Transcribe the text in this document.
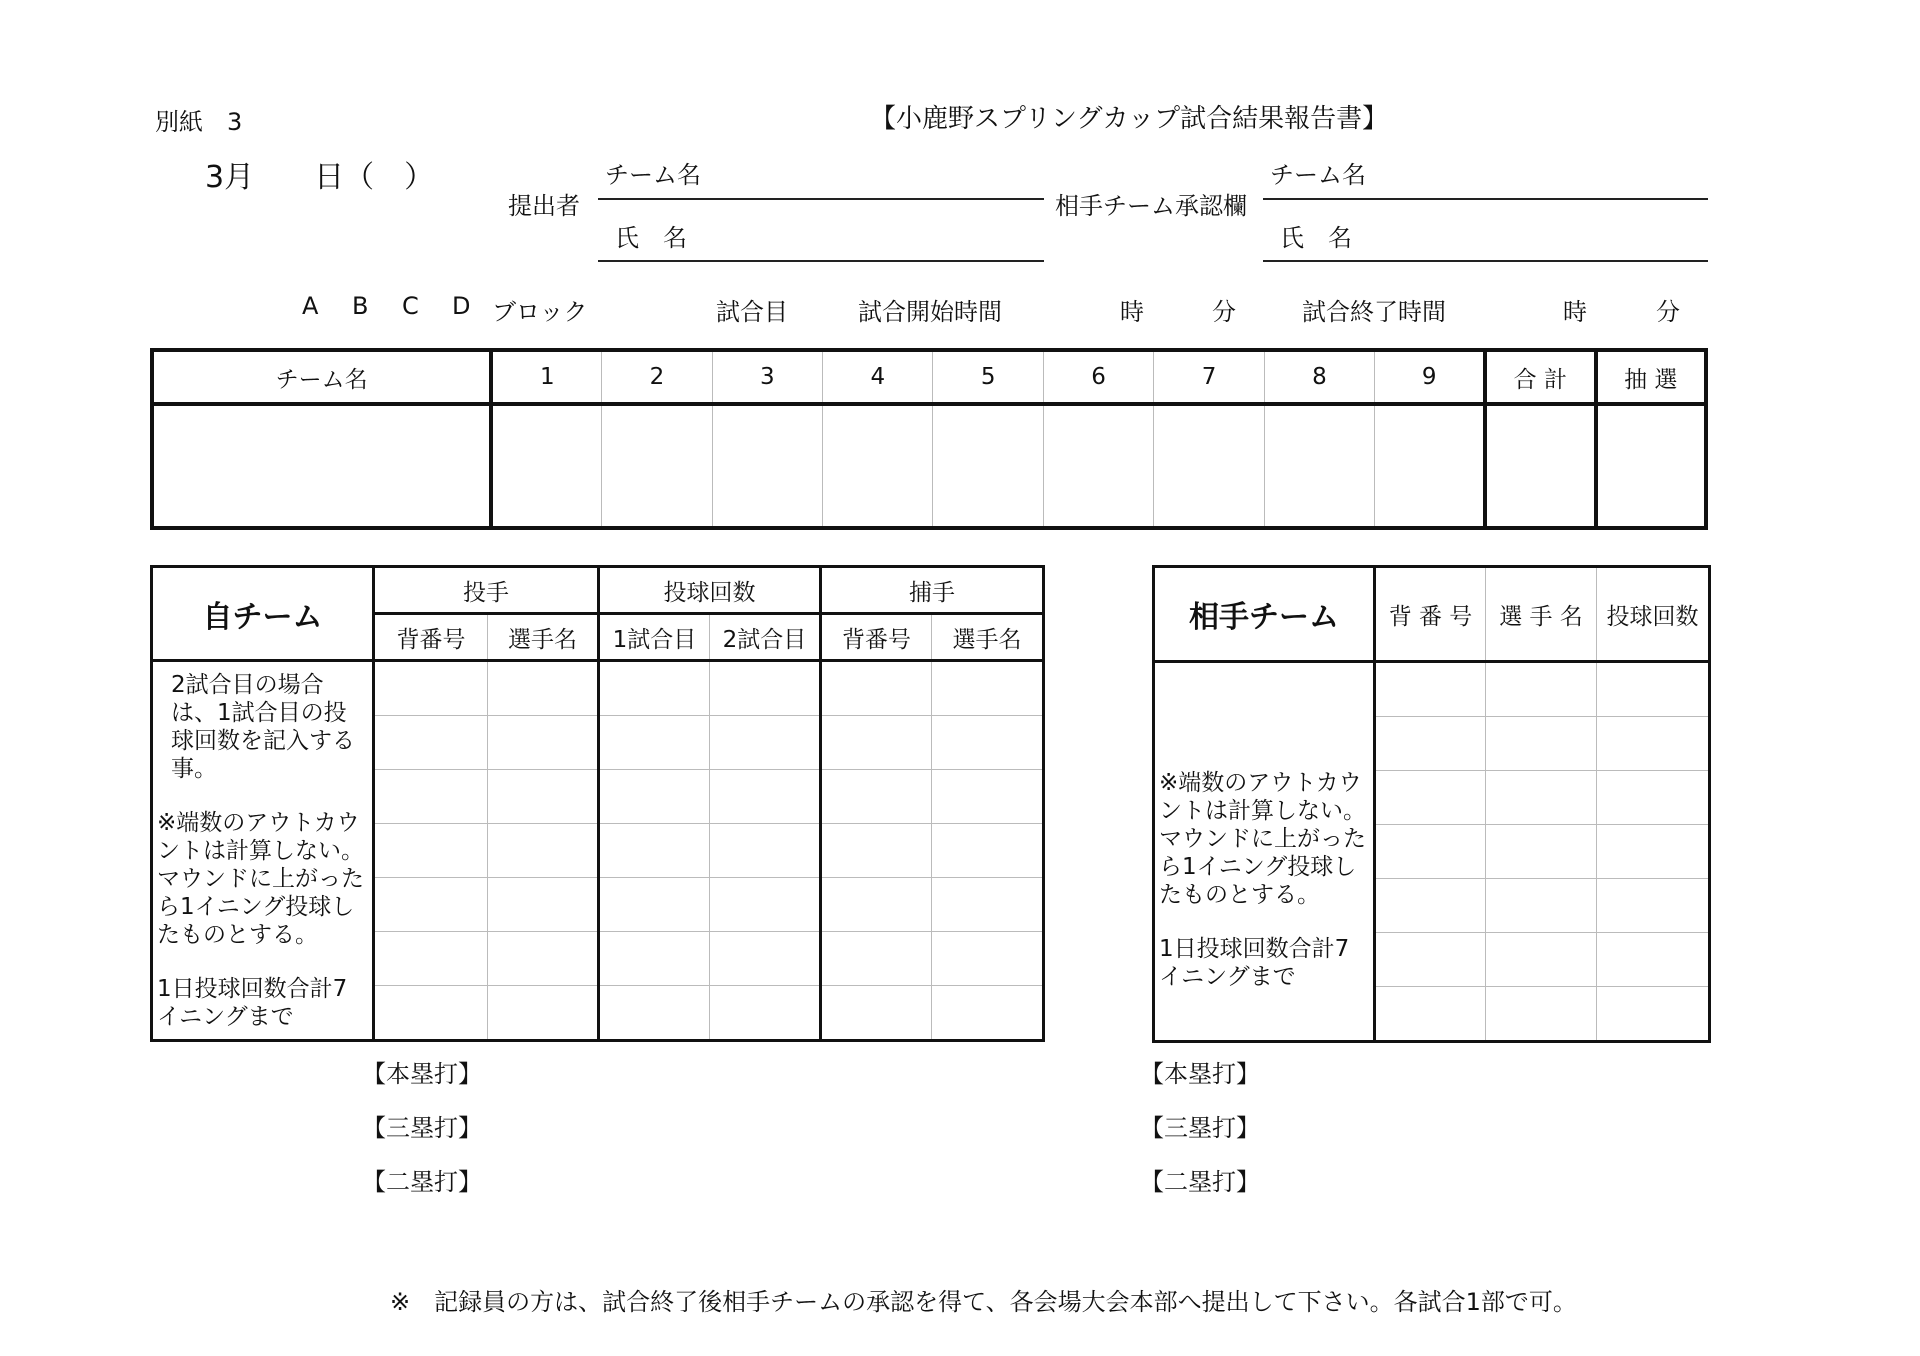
別紙　3	【小鹿野スプリングカップ試合結果報告書】
3月　　日（　）
提出者
チーム名
氏　名
相手チーム承認欄
チーム名
氏　名
A B C D ブロック	試合目	試合開始時間	時	分	試合終了時間	時	分
チーム名	1	2	3	4	5	6	7	8	9	合 計	抽 選

自チーム	投手		投球回数		捕手	
	背番号	選手名	1試合目	2試合目	背番号	選手名

2試合目の場合は、1試合目の投球回数を記入する事。
※端数のアウトカウントは計算しない。マウンドに上がったら1イニング投球したものとする。
1日投球回数合計7イニングまで						

相手チーム	背 番 号	選 手 名	投球回数

※端数のアウトカウントは計算しない。マウンドに上がったら1イニング投球したものとする。
1日投球回数合計7イニングまで			

【本塁打】
【三塁打】
【二塁打】
【本塁打】
【三塁打】
【二塁打】
※　記録員の方は、試合終了後相手チームの承認を得て、各会場大会本部へ提出して下さい。各試合1部で可。
